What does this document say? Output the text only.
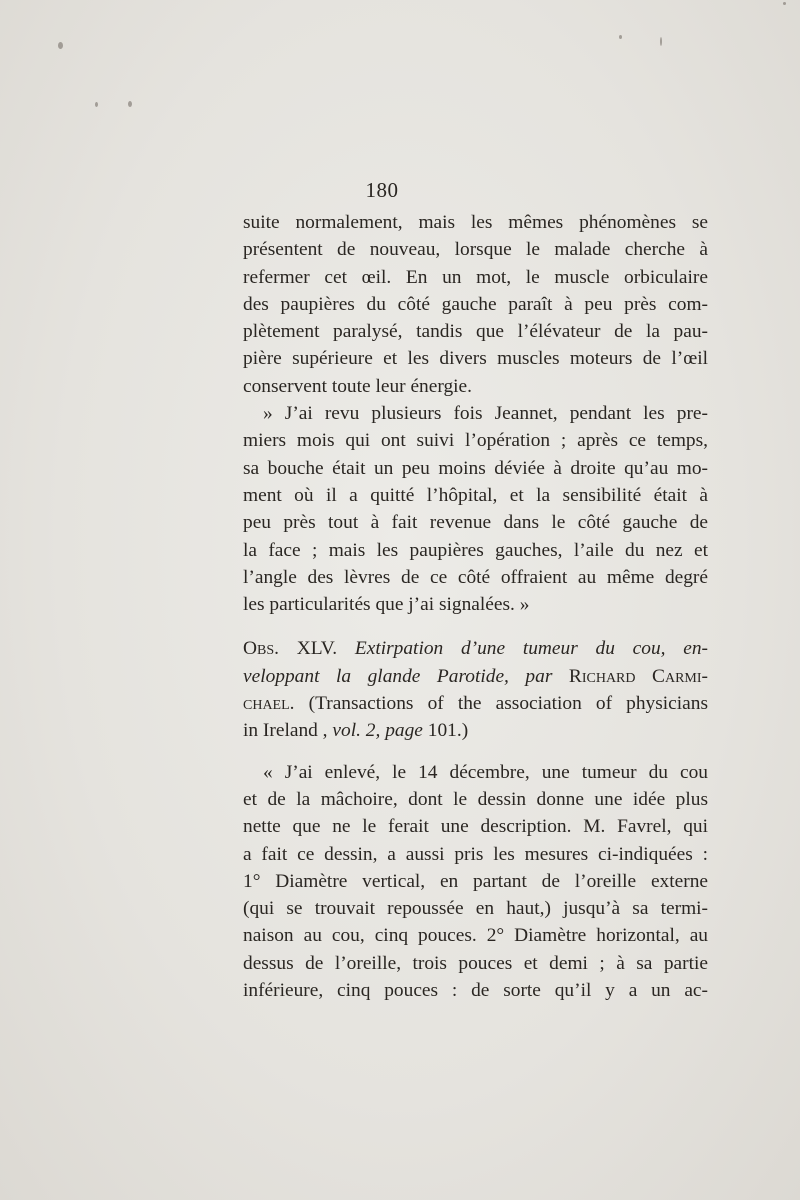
180
suite normalement, mais les mêmes phénomènes se
présentent de nouveau, lorsque le malade cherche à
refermer cet œil. En un mot, le muscle orbiculaire
des paupières du côté gauche paraît à peu près com-
plètement paralysé, tandis que l’élévateur de la pau-
pière supérieure et les divers muscles moteurs de l’œil
conservent toute leur énergie.
» J’ai revu plusieurs fois Jeannet, pendant les pre-
miers mois qui ont suivi l’opération ; après ce temps,
sa bouche était un peu moins déviée à droite qu’au mo-
ment où il a quitté l’hôpital, et la sensibilité était à
peu près tout à fait revenue dans le côté gauche de
la face ; mais les paupières gauches, l’aile du nez et
l’angle des lèvres de ce côté offraient au même degré
les particularités que j’ai signalées. »
Obs. XLV. Extirpation d’une tumeur du cou, en-
veloppant la glande Parotide, par Richard Carmi-
chael. (Transactions of the association of physicians
in Ireland , vol. 2, page 101.)
« J’ai enlevé, le 14 décembre, une tumeur du cou
et de la mâchoire, dont le dessin donne une idée plus
nette que ne le ferait une description. M. Favrel, qui
a fait ce dessin, a aussi pris les mesures ci-indiquées :
1° Diamètre vertical, en partant de l’oreille externe
(qui se trouvait repoussée en haut,) jusqu’à sa termi-
naison au cou, cinq pouces. 2° Diamètre horizontal, au
dessus de l’oreille, trois pouces et demi ; à sa partie
inférieure, cinq pouces : de sorte qu’il y a un ac-
